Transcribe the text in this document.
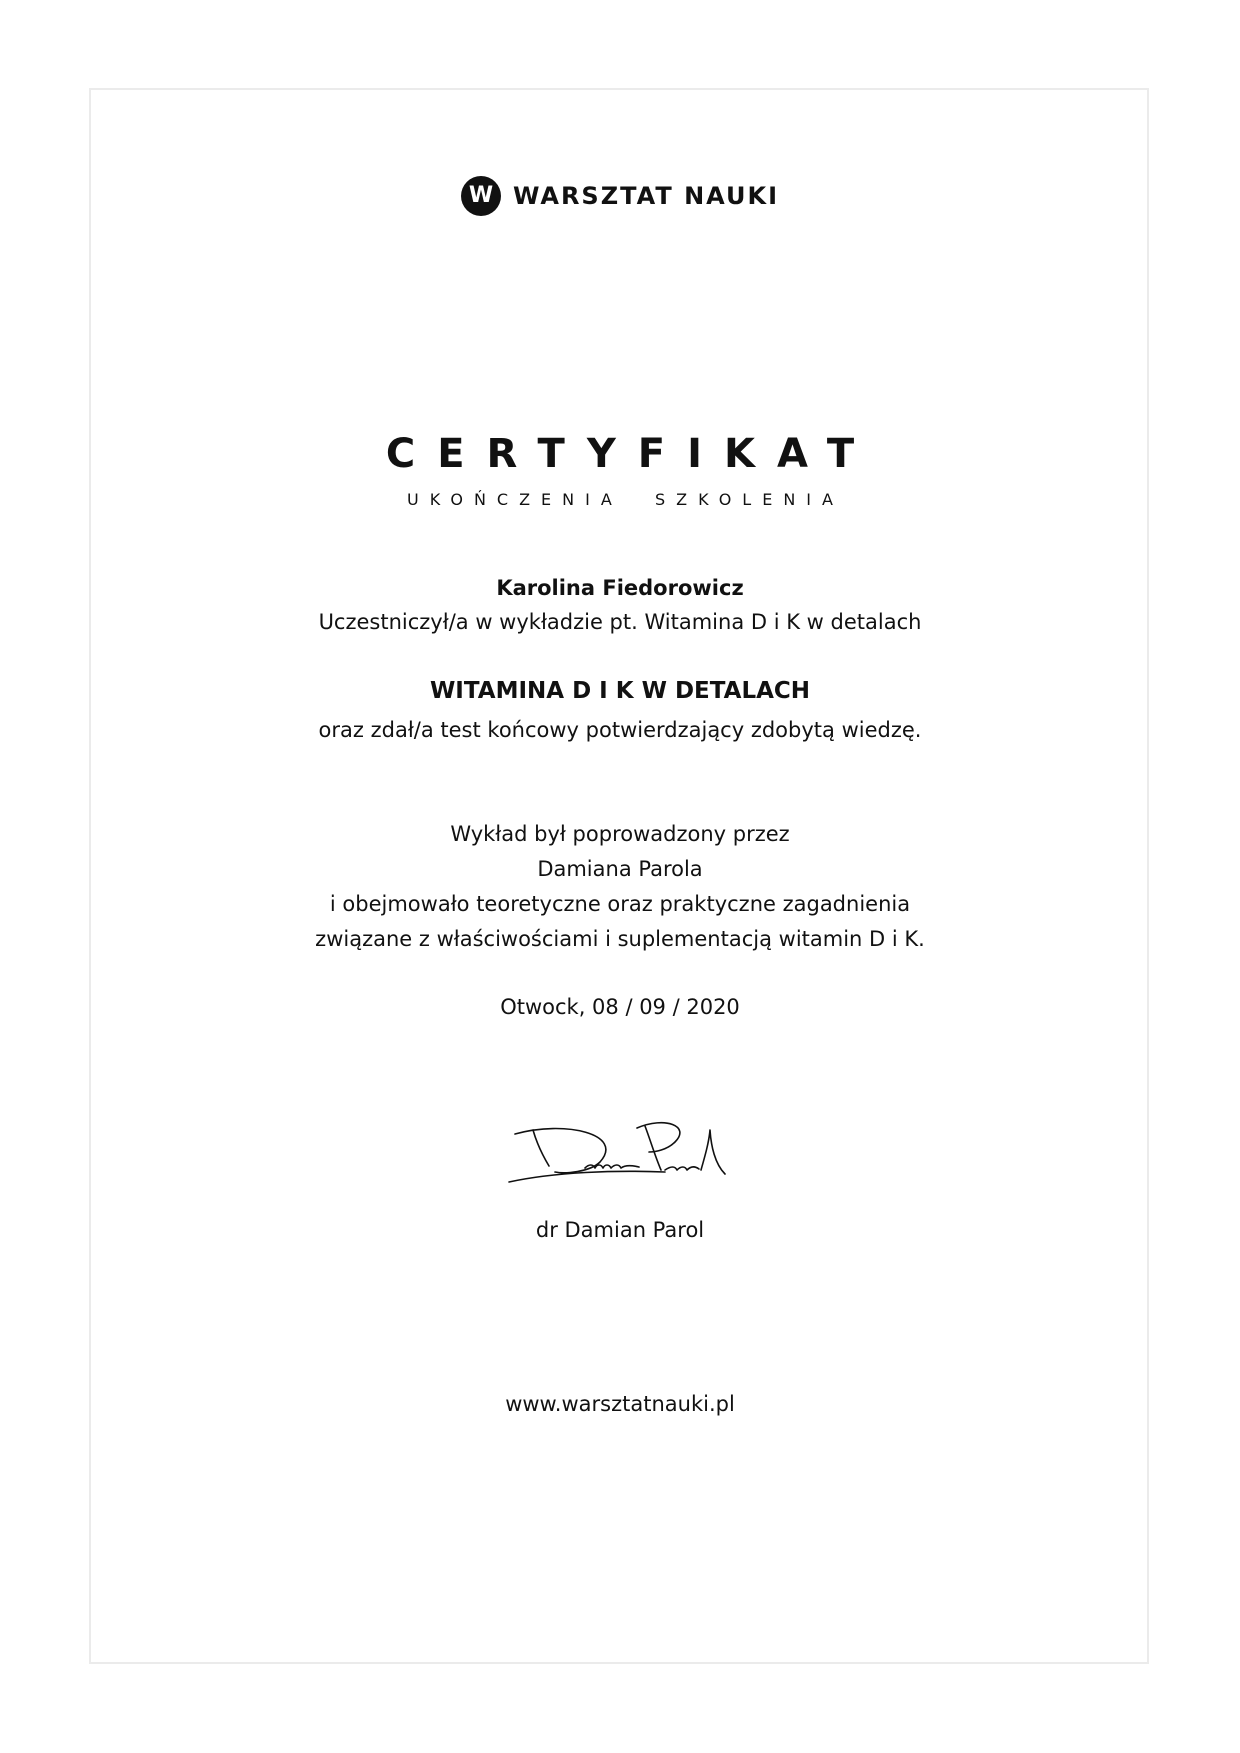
W WARSZTAT NAUKI
CERTYFIKAT
UKOŃCZENIA  SZKOLENIA
Karolina Fiedorowicz
Uczestniczył/a w wykładzie pt. Witamina D i K w detalach
WITAMINA D I K W DETALACH
oraz zdał/a test końcowy potwierdzający zdobytą wiedzę.
Wykład był poprowadzony przez
Damiana Parola
i obejmowało teoretyczne oraz praktyczne zagadnienia
związane z właściwościami i suplementacją witamin D i K.
Otwock, 08 / 09 / 2020
dr Damian Parol
www.warsztatnauki.pl
